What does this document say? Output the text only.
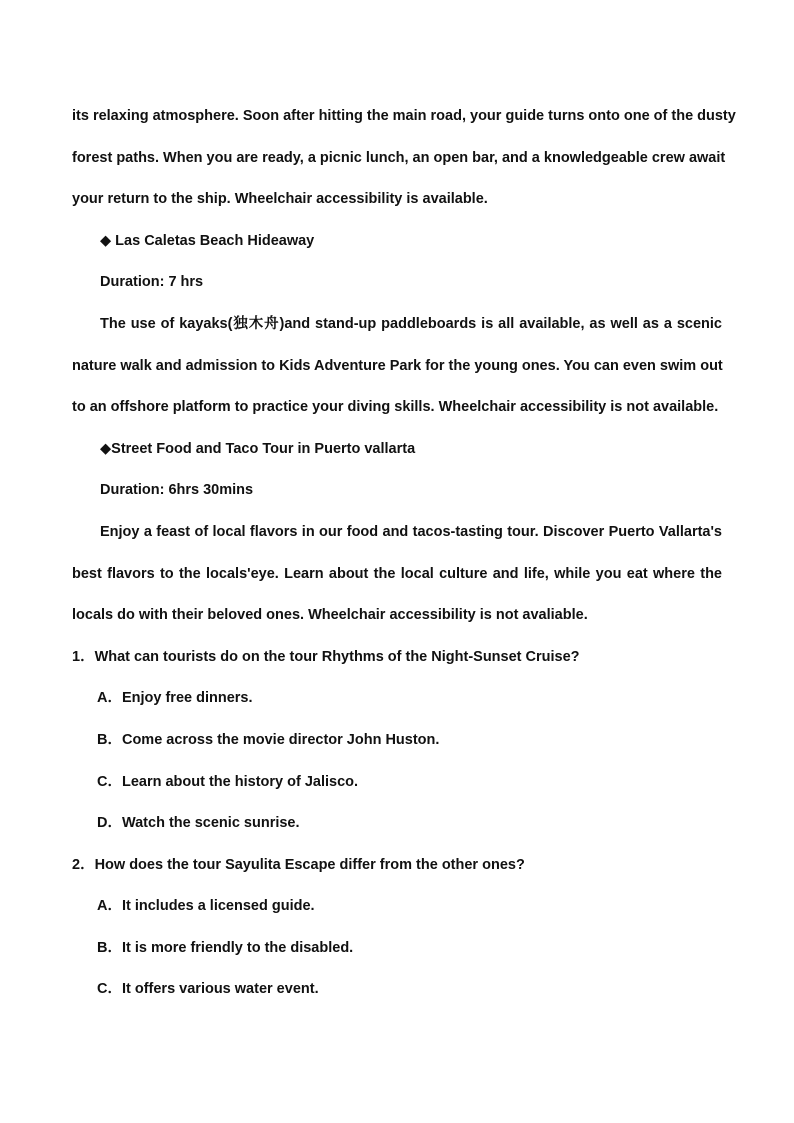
its relaxing atmosphere. Soon after hitting the main road, your guide turns onto one of the dusty
forest paths. When you are ready, a picnic lunch, an open bar, and a knowledgeable crew await
your return to the ship. Wheelchair accessibility is available.
◆ Las Caletas Beach Hideaway
Duration: 7 hrs
The use of kayaks(独木舟)and stand-up paddleboards is all available, as well as a scenic
nature walk and admission to Kids Adventure Park for the young ones. You can even swim out
to an offshore platform to practice your diving skills. Wheelchair accessibility is not available.
◆Street Food and Taco Tour in Puerto vallarta
Duration: 6hrs 30mins
Enjoy a feast of local flavors in our food and tacos-tasting tour. Discover Puerto Vallarta's
best flavors to the locals'eye. Learn about the local culture and life, while you eat where the
locals do with their beloved ones. Wheelchair accessibility is not avaliable.
1．What can tourists do on the tour Rhythms of the Night-Sunset Cruise?
A．Enjoy free dinners.
B．Come across the movie director John Huston.
C．Learn about the history of Jalisco.
D．Watch the scenic sunrise.
2．How does the tour Sayulita Escape differ from the other ones?
A．It includes a licensed guide.
B．It is more friendly to the disabled.
C．It offers various water event.
